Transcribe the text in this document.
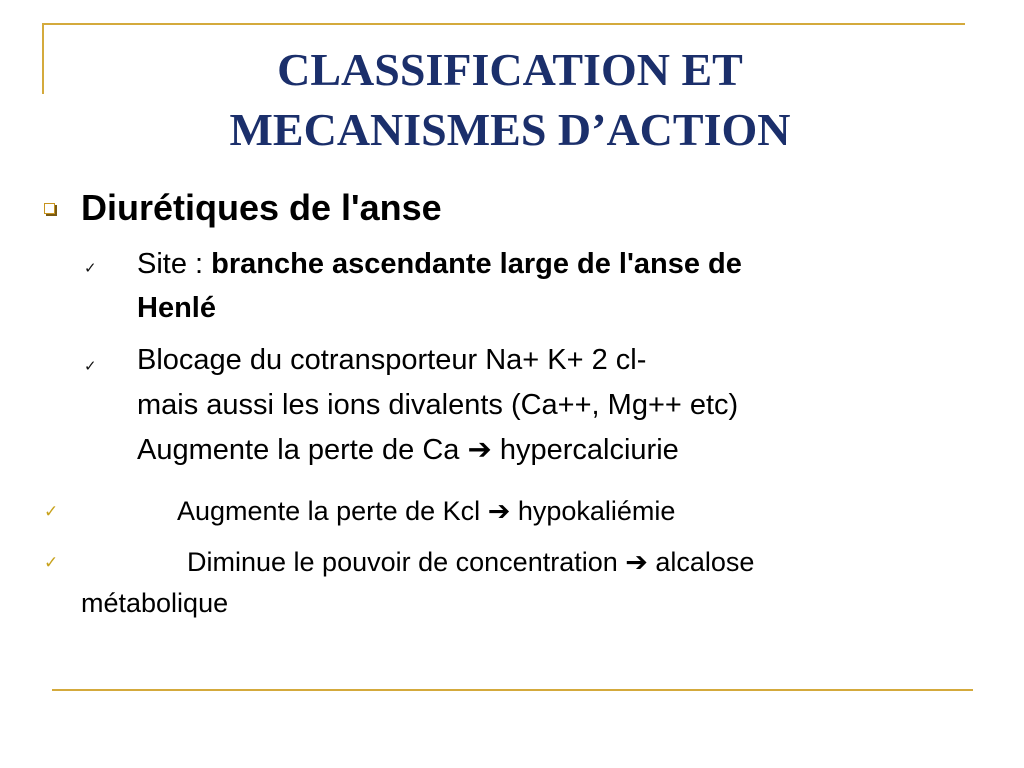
CLASSIFICATION ET
MECANISMES D’ACTION
Diurétiques de l'anse
✓ Site : branche ascendante large de l'anse de
Henlé
✓ Blocage du cotransporteur Na+ K+ 2 cl-
mais aussi les ions divalents (Ca++, Mg++ etc)
Augmente la perte de Ca ➔ hypercalciurie
✓	Augmente la perte de Kcl ➔ hypokaliémie
✓	Diminue le pouvoir de concentration ➔ alcalose
métabolique
